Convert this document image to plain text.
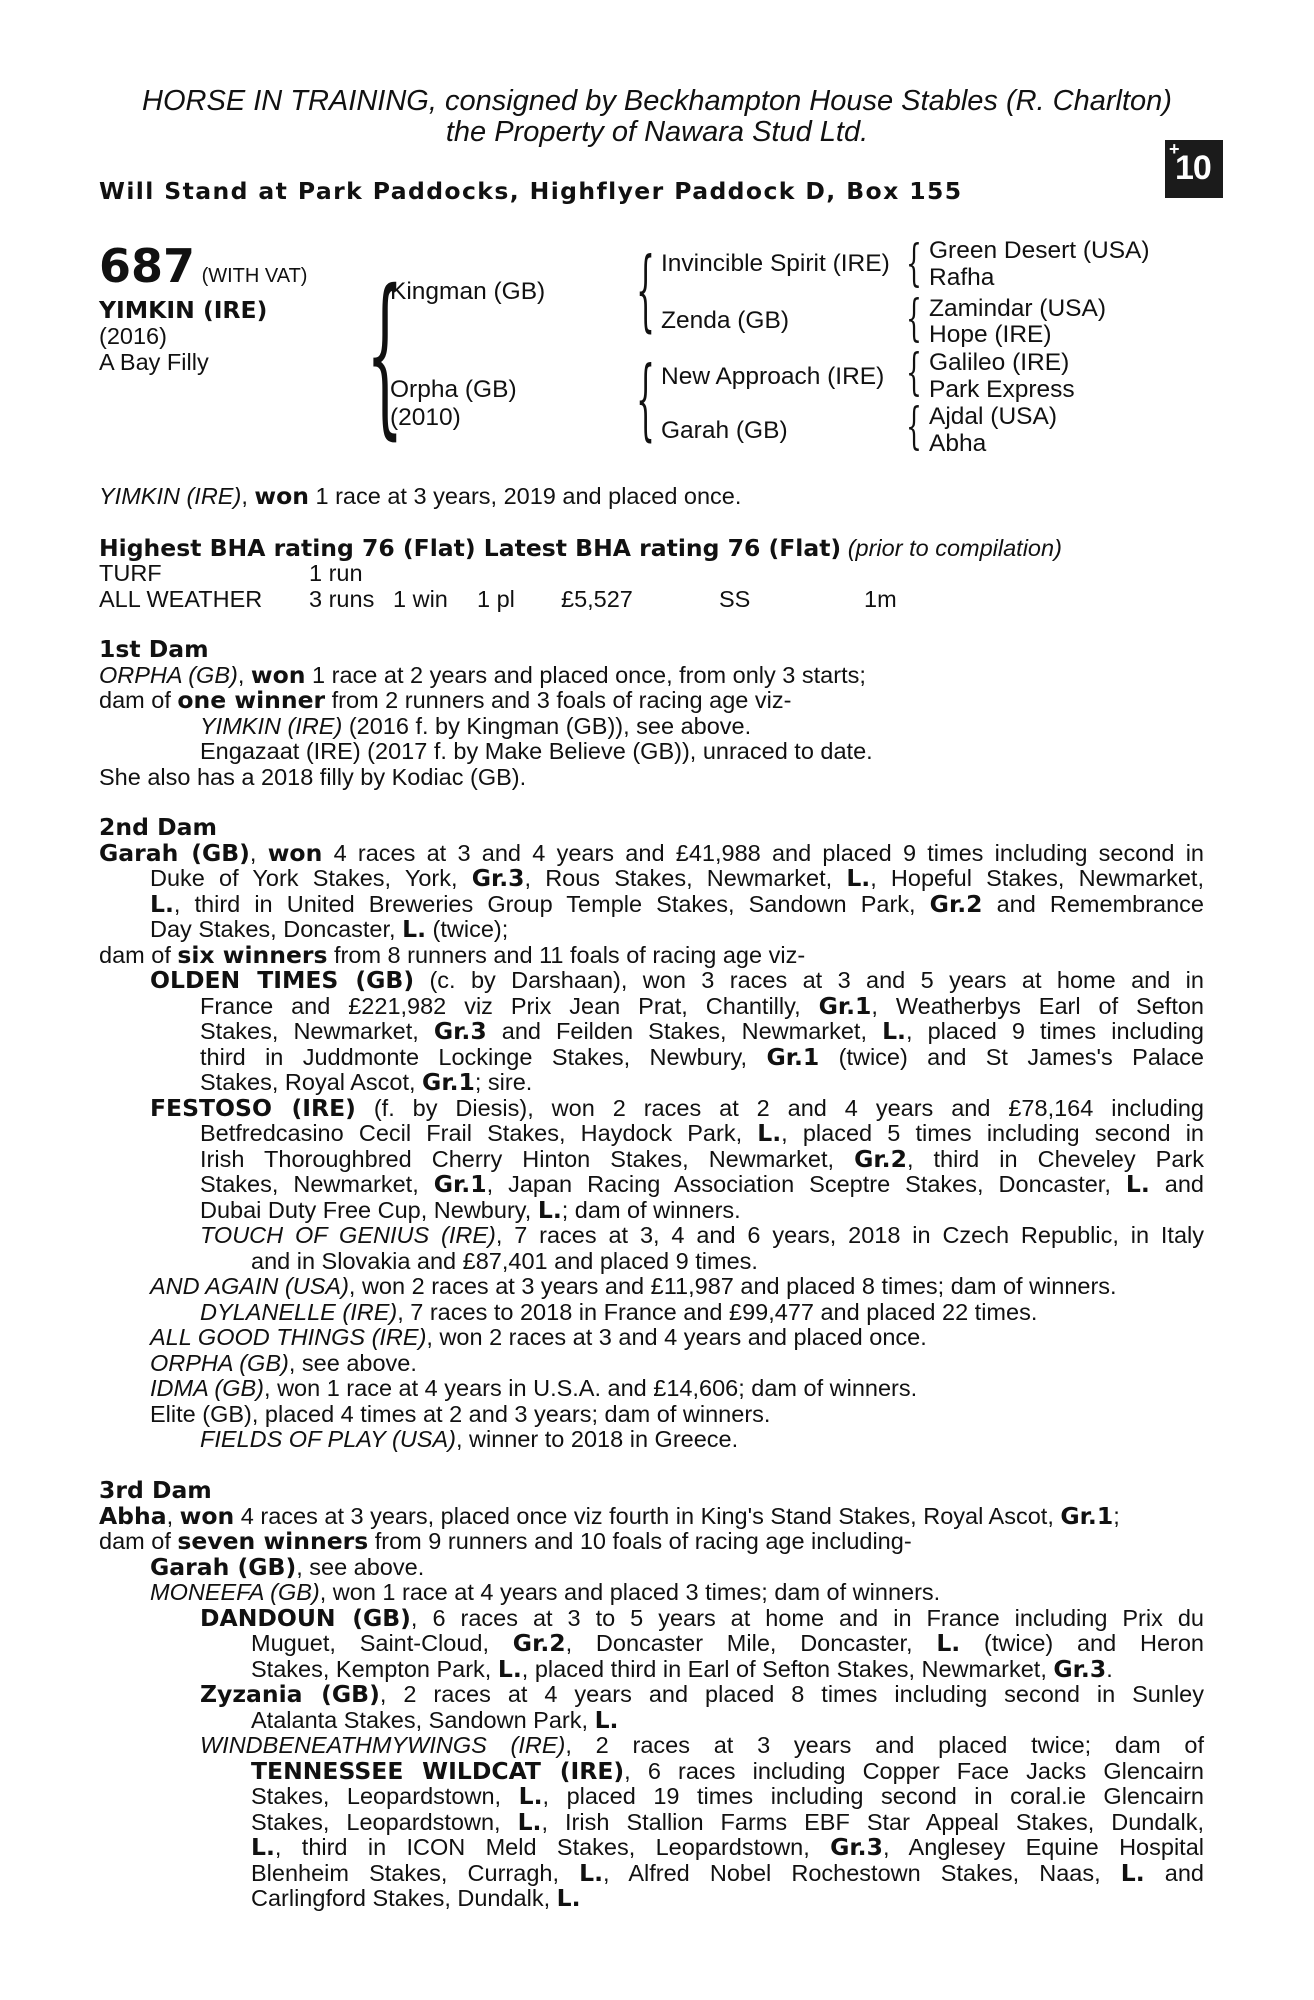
HORSE IN TRAINING, consigned by Beckhampton House Stables (R. Charlton)
the Property of Nawara Stud Ltd.
Will Stand at Park Paddocks, Highflyer Paddock D, Box 155
+
10
687 (WITH VAT)
YIMKIN (IRE)
(2016)
A Bay Filly {
Kingman (GB)
Orpha (GB)
(2010)
{ Invincible Spirit (IRE)
Zenda (GB)
{ New Approach (IRE)
Garah (GB)
{ Green Desert (USA)
Rafha
{ Zamindar (USA)
Hope (IRE)
{ Galileo (IRE)
Park Express
{ Ajdal (USA)
Abha
YIMKIN (IRE), won 1 race at 3 years, 2019 and placed once.
Highest BHA rating 76 (Flat) Latest BHA rating 76 (Flat) (prior to compilation)
TURF	1 run					
ALL WEATHER	3 runs	1 win	1 pl	£5,527	SS	1m
1st Dam
ORPHA (GB), won 1 race at 2 years and placed once, from only 3 starts;
dam of one winner from 2 runners and 3 foals of racing age viz-
YIMKIN (IRE) (2016 f. by Kingman (GB)), see above.
Engazaat (IRE) (2017 f. by Make Believe (GB)), unraced to date.
She also has a 2018 filly by Kodiac (GB).
2nd Dam
Garah (GB), won 4 races at 3 and 4 years and £41,988 and placed 9 times including second in
Duke of York Stakes, York, Gr.3, Rous Stakes, Newmarket, L., Hopeful Stakes, Newmarket,
L., third in United Breweries Group Temple Stakes, Sandown Park, Gr.2 and Remembrance
Day Stakes, Doncaster, L. (twice);
dam of six winners from 8 runners and 11 foals of racing age viz-
OLDEN TIMES (GB) (c. by Darshaan), won 3 races at 3 and 5 years at home and in
France and £221,982 viz Prix Jean Prat, Chantilly, Gr.1, Weatherbys Earl of Sefton
Stakes, Newmarket, Gr.3 and Feilden Stakes, Newmarket, L., placed 9 times including
third in Juddmonte Lockinge Stakes, Newbury, Gr.1 (twice) and St James's Palace
Stakes, Royal Ascot, Gr.1; sire.
FESTOSO (IRE) (f. by Diesis), won 2 races at 2 and 4 years and £78,164 including
Betfredcasino Cecil Frail Stakes, Haydock Park, L., placed 5 times including second in
Irish Thoroughbred Cherry Hinton Stakes, Newmarket, Gr.2, third in Cheveley Park
Stakes, Newmarket, Gr.1, Japan Racing Association Sceptre Stakes, Doncaster, L. and
Dubai Duty Free Cup, Newbury, L.; dam of winners.
TOUCH OF GENIUS (IRE), 7 races at 3, 4 and 6 years, 2018 in Czech Republic, in Italy
and in Slovakia and £87,401 and placed 9 times.
AND AGAIN (USA), won 2 races at 3 years and £11,987 and placed 8 times; dam of winners.
DYLANELLE (IRE), 7 races to 2018 in France and £99,477 and placed 22 times.
ALL GOOD THINGS (IRE), won 2 races at 3 and 4 years and placed once.
ORPHA (GB), see above.
IDMA (GB), won 1 race at 4 years in U.S.A. and £14,606; dam of winners.
Elite (GB), placed 4 times at 2 and 3 years; dam of winners.
FIELDS OF PLAY (USA), winner to 2018 in Greece.
3rd Dam
Abha, won 4 races at 3 years, placed once viz fourth in King's Stand Stakes, Royal Ascot, Gr.1;
dam of seven winners from 9 runners and 10 foals of racing age including-
Garah (GB), see above.
MONEEFA (GB), won 1 race at 4 years and placed 3 times; dam of winners.
DANDOUN (GB), 6 races at 3 to 5 years at home and in France including Prix du
Muguet, Saint-Cloud, Gr.2, Doncaster Mile, Doncaster, L. (twice) and Heron
Stakes, Kempton Park, L., placed third in Earl of Sefton Stakes, Newmarket, Gr.3.
Zyzania (GB), 2 races at 4 years and placed 8 times including second in Sunley
Atalanta Stakes, Sandown Park, L.
WINDBENEATHMYWINGS (IRE), 2 races at 3 years and placed twice; dam of
TENNESSEE WILDCAT (IRE), 6 races including Copper Face Jacks Glencairn
Stakes, Leopardstown, L., placed 19 times including second in coral.ie Glencairn
Stakes, Leopardstown, L., Irish Stallion Farms EBF Star Appeal Stakes, Dundalk,
L., third in ICON Meld Stakes, Leopardstown, Gr.3, Anglesey Equine Hospital
Blenheim Stakes, Curragh, L., Alfred Nobel Rochestown Stakes, Naas, L. and
Carlingford Stakes, Dundalk, L.
